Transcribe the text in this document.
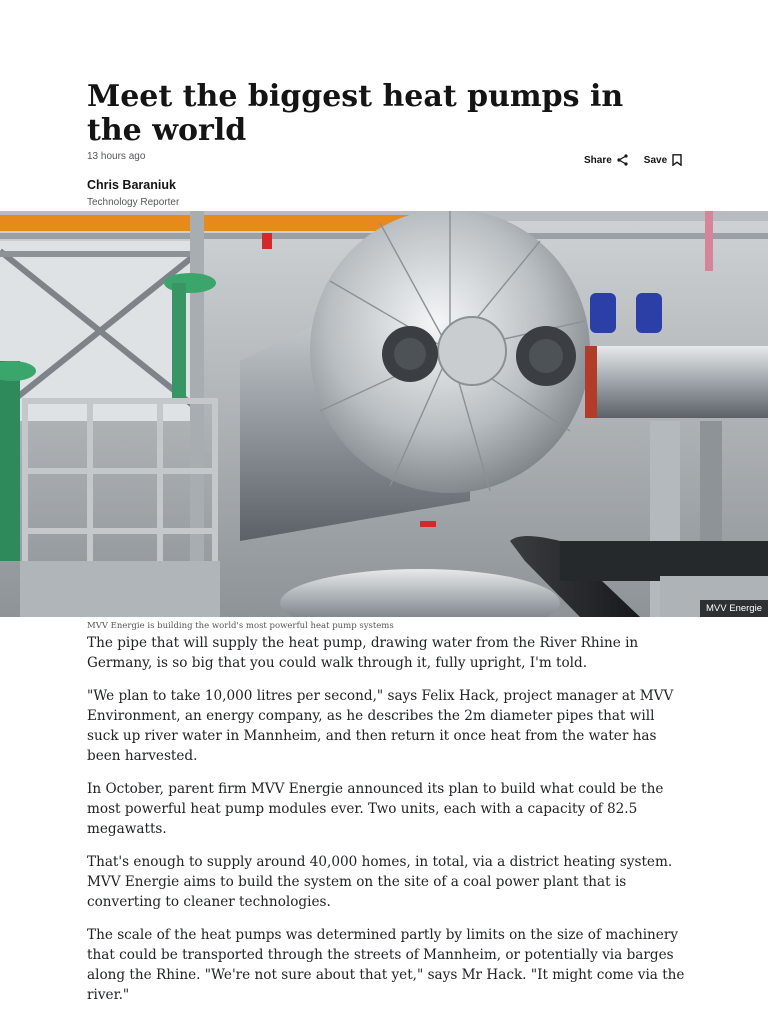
Meet the biggest heat pumps in the world
13 hours ago	Share	Save
Chris Baraniuk
Technology Reporter
MVV Energie
MVV Energie is building the world's most powerful heat pump systems

The pipe that will supply the heat pump, drawing water from the River Rhine in Germany, is so big that you could walk through it, fully upright, I'm told.

"We plan to take 10,000 litres per second," says Felix Hack, project manager at MVV Environment, an energy company, as he describes the 2m diameter pipes that will suck up river water in Mannheim, and then return it once heat from the water has been harvested.

In October, parent firm MVV Energie announced its plan to build what could be the most powerful heat pump modules ever. Two units, each with a capacity of 82.5 megawatts.

That's enough to supply around 40,000 homes, in total, via a district heating system. MVV Energie aims to build the system on the site of a coal power plant that is converting to cleaner technologies.

The scale of the heat pumps was determined partly by limits on the size of machinery that could be transported through the streets of Mannheim, or potentially via barges along the Rhine. "We're not sure about that yet," says Mr Hack. "It might come via the river."
